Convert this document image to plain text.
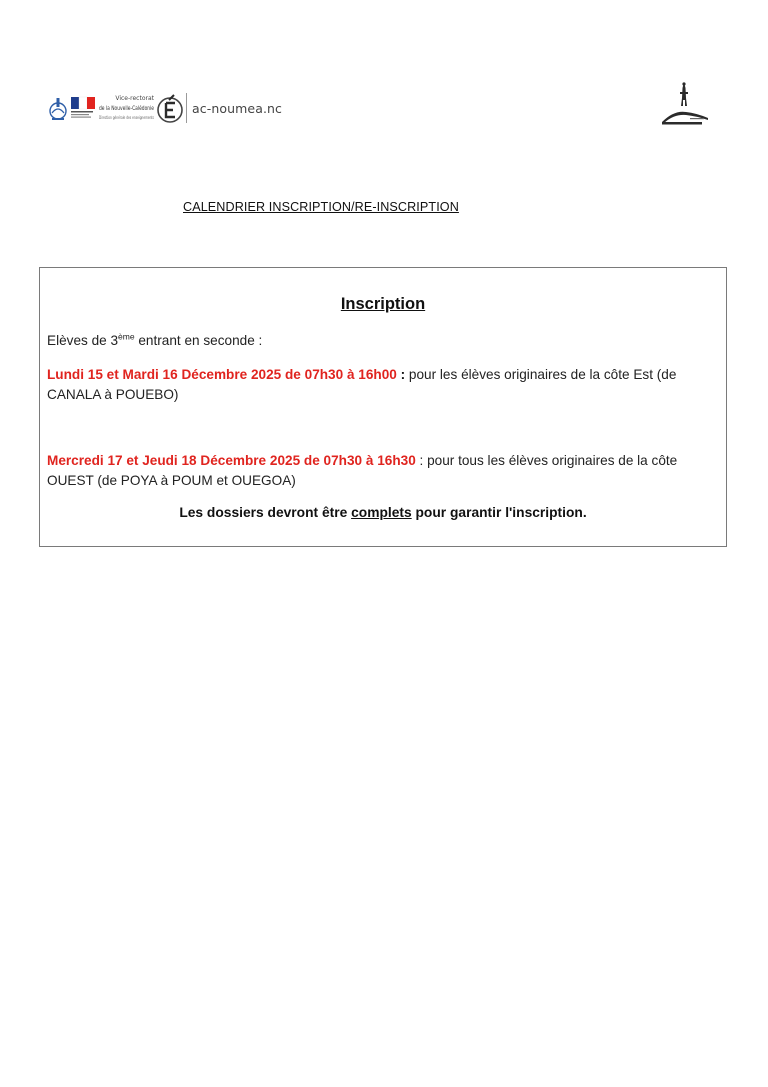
Vice-rectorat
de la Nouvelle-Calédonie
Direction générale des enseignements
ac-noumea.nc
CALENDRIER INSCRIPTION/RE-INSCRIPTION
Inscription
Elèves de 3ème entrant en seconde :
Lundi 15 et Mardi 16 Décembre 2025 de 07h30 à 16h00 : pour les élèves originaires de la côte Est (de CANALA à POUEBO)
Mercredi 17 et Jeudi 18 Décembre 2025 de 07h30 à 16h30 : pour tous les élèves originaires de la côte OUEST (de POYA à POUM et OUEGOA)
Les dossiers devront être complets pour garantir l'inscription.
